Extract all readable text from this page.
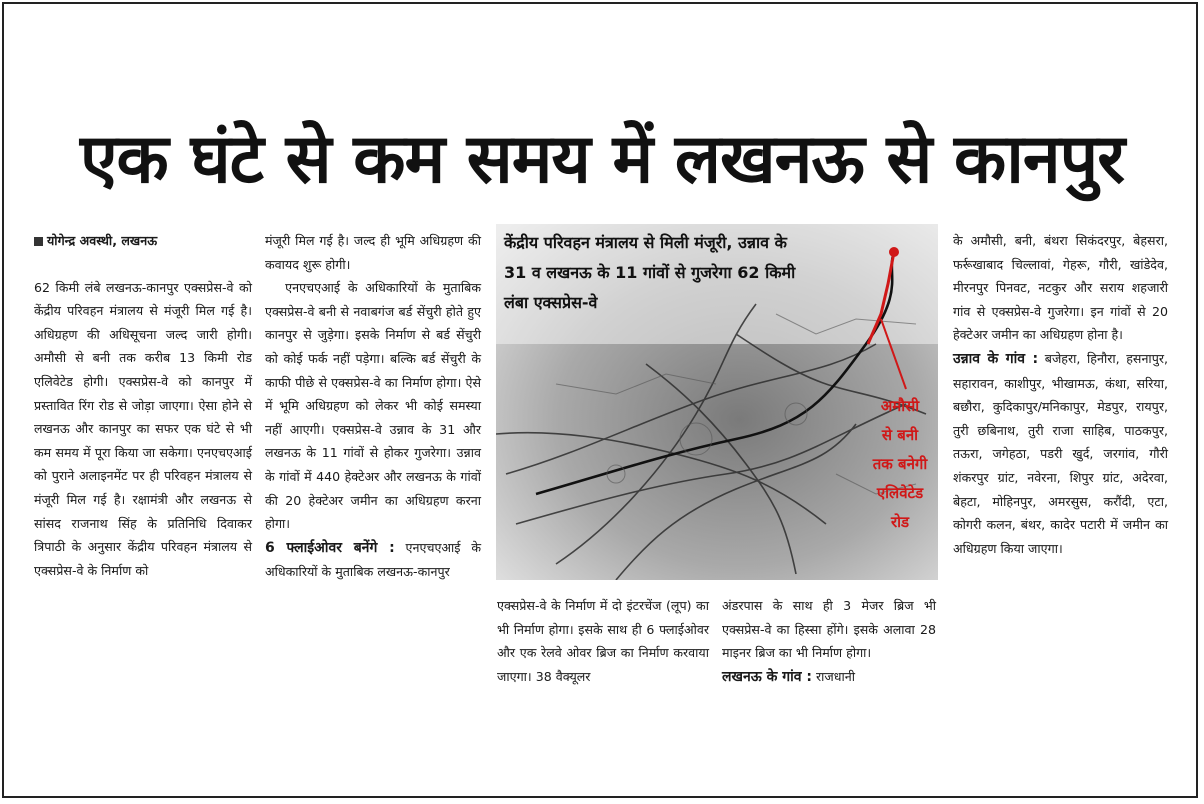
एक घंटे से कम समय में लखनऊ से कानपुर

योगेन्द्र अवस्थी, लखनऊ

62 किमी लंबे लखनऊ-कानपुर एक्सप्रेस-वे को केंद्रीय परिवहन मंत्रालय से मंजूरी मिल गई है। अधिग्रहण की अधिसूचना जल्द जारी होगी। अमौसी से बनी तक करीब 13 किमी रोड एलिवेटेड होगी। एक्सप्रेस-वे को कानपुर में प्रस्तावित रिंग रोड से जोड़ा जाएगा। ऐसा होने से लखनऊ और कानपुर का सफर एक घंटे से भी कम समय में पूरा किया जा सकेगा। एनएचएआई को पुराने अलाइनमेंट पर ही परिवहन मंत्रालय से मंजूरी मिल गई है। रक्षामंत्री और लखनऊ से सांसद राजनाथ सिंह के प्रतिनिधि दिवाकर त्रिपाठी के अनुसार केंद्रीय परिवहन मंत्रालय से एक्सप्रेस-वे के निर्माण को

मंजूरी मिल गई है। जल्द ही भूमि अधिग्रहण की कवायद शुरू होगी।

एनएचएआई के अधिकारियों के मुताबिक एक्सप्रेस-वे बनी से नवाबगंज बर्ड सेंचुरी होते हुए कानपुर से जुड़ेगा। इसके निर्माण से बर्ड सेंचुरी को कोई फर्क नहीं पड़ेगा। बल्कि बर्ड सेंचुरी के काफी पीछे से एक्सप्रेस-वे का निर्माण होगा। ऐसे में भूमि अधिग्रहण को लेकर भी कोई समस्या नहीं आएगी। एक्सप्रेस-वे उन्नाव के 31 और लखनऊ के 11 गांवों से होकर गुजरेगा। उन्नाव के गांवों में 440 हेक्टेअर और लखनऊ के गांवों की 20 हेक्टेअर जमीन का अधिग्रहण करना होगा।

6 फ्लाईओवर बनेंगे : एनएचएआई के अधिकारियों के मुताबिक लखनऊ-कानपुर

केंद्रीय परिवहन मंत्रालय से मिली मंजूरी, उन्नाव के 31 व लखनऊ के 11 गांवों से गुजरेगा 62 किमी लंबा एक्सप्रेस-वे
अमौसी
से बनी
तक बनेगी
एलिवेटेड
रोड

एक्सप्रेस-वे के निर्माण में दो इंटरचेंज (लूप) का भी निर्माण होगा। इसके साथ ही 6 फ्लाईओवर और एक रेलवे ओवर ब्रिज का निर्माण करवाया जाएगा। 38 वैक्यूलर

अंडरपास के साथ ही 3 मेजर ब्रिज भी एक्सप्रेस-वे का हिस्सा होंगे। इसके अलावा 28 माइनर ब्रिज का भी निर्माण होगा।

लखनऊ के गांव : राजधानी

के अमौसी, बनी, बंथरा सिकंदरपुर, बेहसरा, फर्रूखाबाद चिल्लावां, गेहरू, गौरी, खांडेदेव, मीरनपुर पिनवट, नटकुर और सराय शहजारी गांव से एक्सप्रेस-वे गुजरेगा। इन गांवों से 20 हेक्टेअर जमीन का अधिग्रहण होना है।

उन्नाव के गांव : बजेहरा, हिनौरा, हसनापुर, सहारावन, काशीपुर, भीखामऊ, कंथा, सरिया, बछौरा, कुदिकापुर/मनिकापुर, मेडपुर, रायपुर, तुरी छबिनाथ, तुरी राजा साहिब, पाठकपुर, तऊरा, जगेहठा, पडरी खुर्द, जरगांव, गौरी शंकरपुर ग्रांट, नवेरना, शिपुर ग्रांट, अदेरवा, बेहटा, मोहिनपुर, अमरसुस, करौंदी, एटा, कोगरी कलन, बंथर, कादेर पटारी में जमीन का अधिग्रहण किया जाएगा।
